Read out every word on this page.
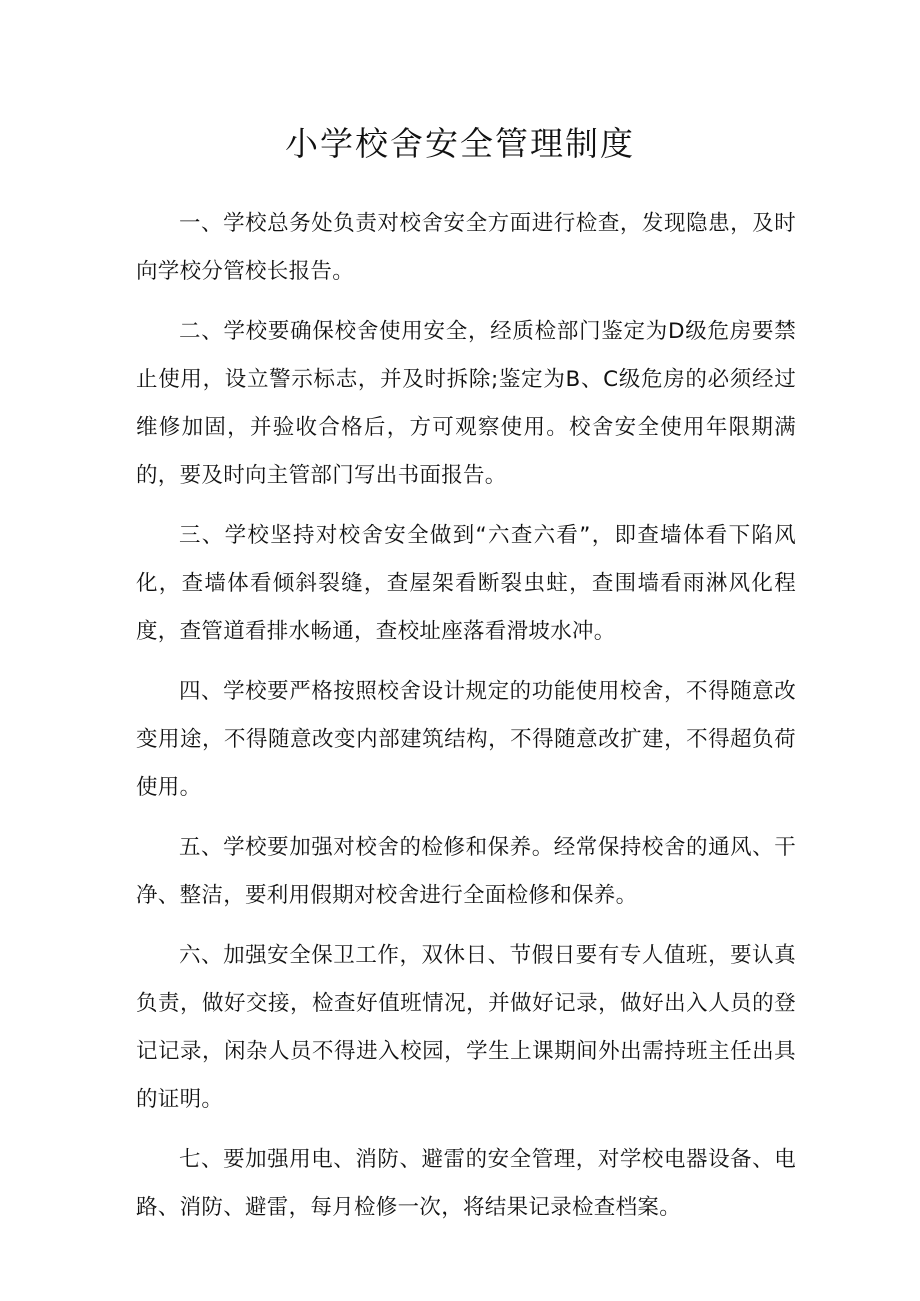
小学校舍安全管理制度

一、学校总务处负责对校舍安全方面进行检查，发现隐患，及时向学校分管校长报告。

二、学校要确保校舍使用安全，经质检部门鉴定为D级危房要禁止使用，设立警示标志，并及时拆除;鉴定为B、C级危房的必须经过维修加固，并验收合格后，方可观察使用。校舍安全使用年限期满的，要及时向主管部门写出书面报告。

三、学校坚持对校舍安全做到“六查六看”，即查墙体看下陷风化，查墙体看倾斜裂缝，查屋架看断裂虫蛀，查围墙看雨淋风化程度，查管道看排水畅通，查校址座落看滑坡水冲。

四、学校要严格按照校舍设计规定的功能使用校舍，不得随意改变用途，不得随意改变内部建筑结构，不得随意改扩建，不得超负荷使用。

五、学校要加强对校舍的检修和保养。经常保持校舍的通风、干净、整洁，要利用假期对校舍进行全面检修和保养。

六、加强安全保卫工作，双休日、节假日要有专人值班，要认真负责，做好交接，检查好值班情况，并做好记录，做好出入人员的登记记录，闲杂人员不得进入校园，学生上课期间外出需持班主任出具的证明。

七、要加强用电、消防、避雷的安全管理，对学校电器设备、电路、消防、避雷，每月检修一次，将结果记录检查档案。
